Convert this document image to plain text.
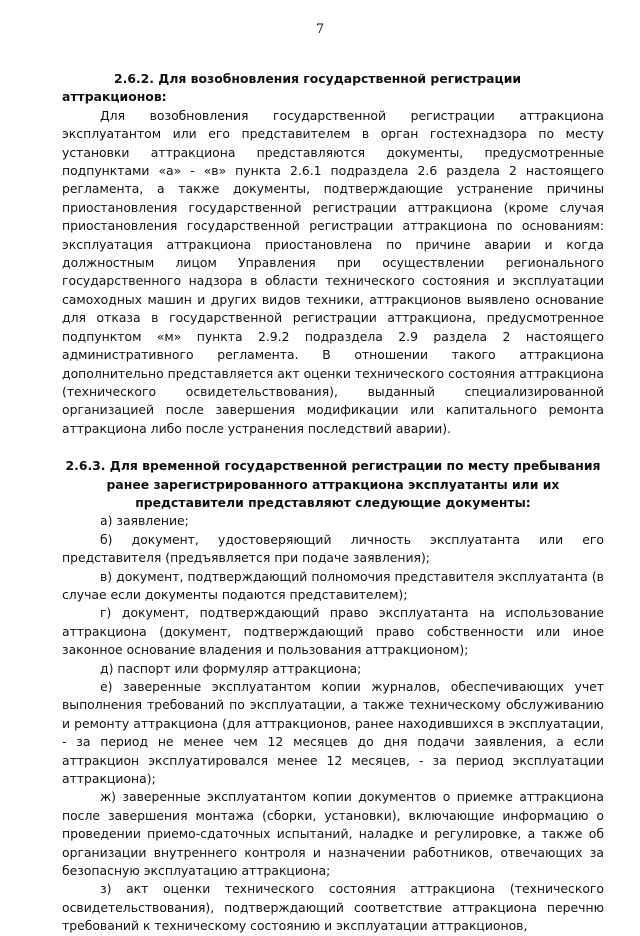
7

2.6.2. Для возобновления государственной регистрации аттракционов:

Для возобновления государственной регистрации аттракциона эксплуатантом или его представителем в орган гостехнадзора по месту установки аттракциона представляются документы, предусмотренные подпунктами «а» - «в» пункта 2.6.1 подраздела 2.6 раздела 2 настоящего регламента, а также документы, подтверждающие устранение причины приостановления государственной регистрации аттракциона (кроме случая приостановления государственной регистрации аттракциона по основаниям: эксплуатация аттракциона приостановлена по причине аварии и когда должностным лицом Управления при осуществлении регионального государственного надзора в области технического состояния и эксплуатации самоходных машин и других видов техники, аттракционов выявлено основание для отказа в государственной регистрации аттракциона, предусмотренное подпунктом «м» пункта 2.9.2 подраздела 2.9 раздела 2 настоящего административного регламента. В отношении такого аттракциона дополнительно представляется акт оценки технического состояния аттракциона (технического освидетельствования), выданный специализированной организацией после завершения модификации или капитального ремонта аттракциона либо после устранения последствий аварии).

2.6.3. Для временной государственной регистрации по месту пребывания ранее зарегистрированного аттракциона эксплуатанты или их представители представляют следующие документы:

а) заявление;

б) документ, удостоверяющий личность эксплуатанта или его представителя (предъявляется при подаче заявления);

в) документ, подтверждающий полномочия представителя эксплуатанта (в случае если документы подаются представителем);

г) документ, подтверждающий право эксплуатанта на использование аттракциона (документ, подтверждающий право собственности или иное законное основание владения и пользования аттракционом);

д) паспорт или формуляр аттракциона;

е) заверенные эксплуатантом копии журналов, обеспечивающих учет выполнения требований по эксплуатации, а также техническому обслуживанию и ремонту аттракциона (для аттракционов, ранее находившихся в эксплуатации, - за период не менее чем 12 месяцев до дня подачи заявления, а если аттракцион эксплуатировался менее 12 месяцев, - за период эксплуатации аттракциона);

ж) заверенные эксплуатантом копии документов о приемке аттракциона после завершения монтажа (сборки, установки), включающие информацию о проведении приемо-сдаточных испытаний, наладке и регулировке, а также об организации внутреннего контроля и назначении работников, отвечающих за безопасную эксплуатацию аттракциона;

з) акт оценки технического состояния аттракциона (технического освидетельствования), подтверждающий соответствие аттракциона перечню требований к техническому состоянию и эксплуатации аттракционов,
